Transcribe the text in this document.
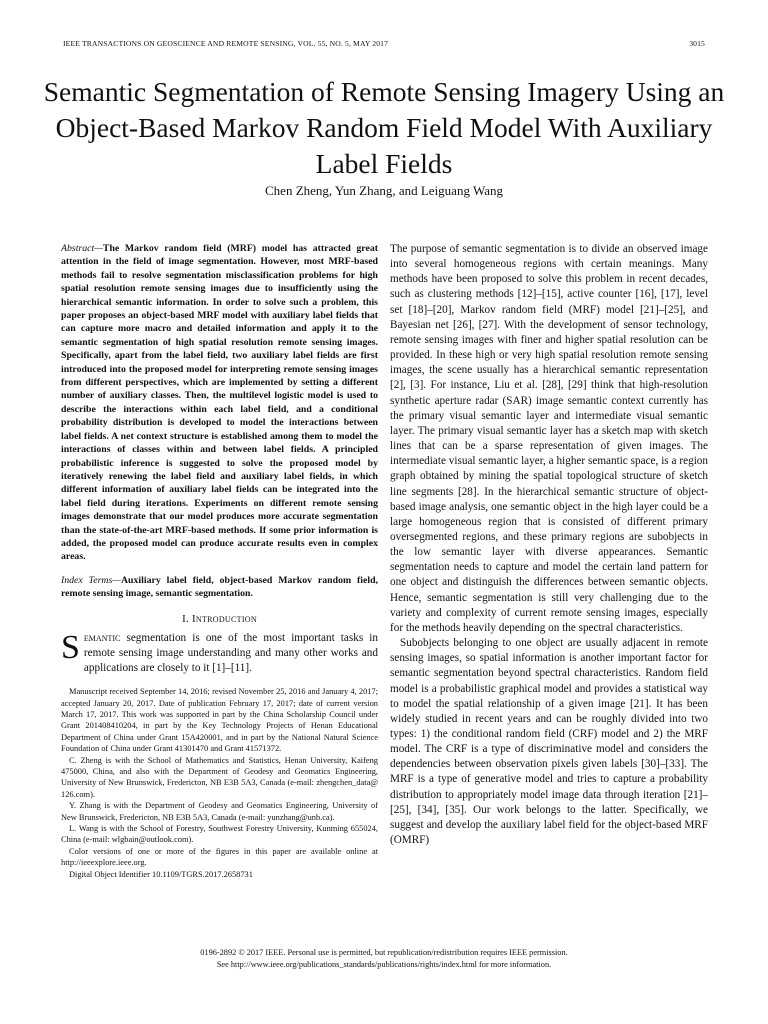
IEEE TRANSACTIONS ON GEOSCIENCE AND REMOTE SENSING, VOL. 55, NO. 5, MAY 2017	3015
Semantic Segmentation of Remote Sensing Imagery Using an Object-Based Markov Random Field Model With Auxiliary Label Fields
Chen Zheng, Yun Zhang, and Leiguang Wang

Abstract—The Markov random field (MRF) model has attracted great attention in the field of image segmentation. However, most MRF-based methods fail to resolve segmentation misclassification problems for high spatial resolution remote sensing images due to insufficiently using the hierarchical semantic information. In order to solve such a problem, this paper proposes an object-based MRF model with auxiliary label fields that can capture more macro and detailed information and apply it to the semantic segmentation of high spatial resolution remote sensing images. Specifically, apart from the label field, two auxiliary label fields are first introduced into the proposed model for interpreting remote sensing images from different perspectives, which are implemented by setting a different number of auxiliary classes. Then, the multilevel logistic model is used to describe the interactions within each label field, and a conditional probability distribution is developed to model the interactions between label fields. A net context structure is established among them to model the interactions of classes within and between label fields. A principled probabilistic inference is suggested to solve the proposed model by iteratively renewing the label field and auxiliary label fields, in which different information of auxiliary label fields can be integrated into the label field during iterations. Experiments on different remote sensing images demonstrate that our model produces more accurate segmentation than the state-of-the-art MRF-based methods. If some prior information is added, the proposed model can produce accurate results even in complex areas.

Index Terms—Auxiliary label field, object-based Markov random field, remote sensing image, semantic segmentation.

I. Introduction

Semantic segmentation is one of the most important tasks in remote sensing image understanding and many other works and applications are closely to it [1]–[11].

Manuscript received September 14, 2016; revised November 25, 2016 and January 4, 2017; accepted January 20, 2017. Date of publication February 17, 2017; date of current version March 17, 2017. This work was supported in part by the China Scholarship Council under Grant 201408410204, in part by the Key Technology Projects of Henan Educational Department of China under Grant 15A420001, and in part by the National Natural Science Foundation of China under Grant 41301470 and Grant 41571372.

C. Zheng is with the School of Mathematics and Statistics, Henan University, Kaifeng 475000, China, and also with the Department of Geodesy and Geomatics Engineering, University of New Brunswick, Fredericton, NB E3B 5A3, Canada (e-mail: zhengchen_data@ 126.com).

Y. Zhang is with the Department of Geodesy and Geomatics Engineering, University of New Brunswick, Fredericton, NB E3B 5A3, Canada (e-mail: yunzhang@unb.ca).

L. Wang is with the School of Forestry, Southwest Forestry University, Kunming 655024, China (e-mail: wlgbain@outlook.com).

Color versions of one or more of the figures in this paper are available online at http://ieeexplore.ieee.org.

Digital Object Identifier 10.1109/TGRS.2017.2658731

The purpose of semantic segmentation is to divide an observed image into several homogeneous regions with certain meanings. Many methods have been proposed to solve this problem in recent decades, such as clustering methods [12]–[15], active counter [16], [17], level set [18]–[20], Markov random field (MRF) model [21]–[25], and Bayesian net [26], [27]. With the development of sensor technology, remote sensing images with finer and higher spatial resolution can be provided. In these high or very high spatial resolution remote sensing images, the scene usually has a hierarchical semantic representation [2], [3]. For instance, Liu et al. [28], [29] think that high-resolution synthetic aperture radar (SAR) image semantic context currently has the primary visual semantic layer and intermediate visual semantic layer. The primary visual semantic layer has a sketch map with sketch lines that can be a sparse representation of given images. The intermediate visual semantic layer, a higher semantic space, is a region graph obtained by mining the spatial topological structure of sketch line segments [28]. In the hierarchical semantic structure of object-based image analysis, one semantic object in the high layer could be a large homogeneous region that is consisted of different primary oversegmented regions, and these primary regions are subobjects in the low semantic layer with diverse appearances. Semantic segmentation needs to capture and model the certain land pattern for one object and distinguish the differences between semantic objects. Hence, semantic segmentation is still very challenging due to the variety and complexity of current remote sensing images, especially for the methods heavily depending on the spectral characteristics.

Subobjects belonging to one object are usually adjacent in remote sensing images, so spatial information is another important factor for semantic segmentation beyond spectral characteristics. Random field model is a probabilistic graphical model and provides a statistical way to model the spatial relationship of a given image [21]. It has been widely studied in recent years and can be roughly divided into two types: 1) the conditional random field (CRF) model and 2) the MRF model. The CRF is a type of discriminative model and considers the dependencies between observation pixels given labels [30]–[33]. The MRF is a type of generative model and tries to capture a probability distribution to appropriately model image data through iteration [21]–[25], [34], [35]. Our work belongs to the latter. Specifically, we suggest and develop the auxiliary label field for the object-based MRF (OMRF)

0196-2892 © 2017 IEEE. Personal use is permitted, but republication/redistribution requires IEEE permission.
See http://www.ieee.org/publications_standards/publications/rights/index.html for more information.
